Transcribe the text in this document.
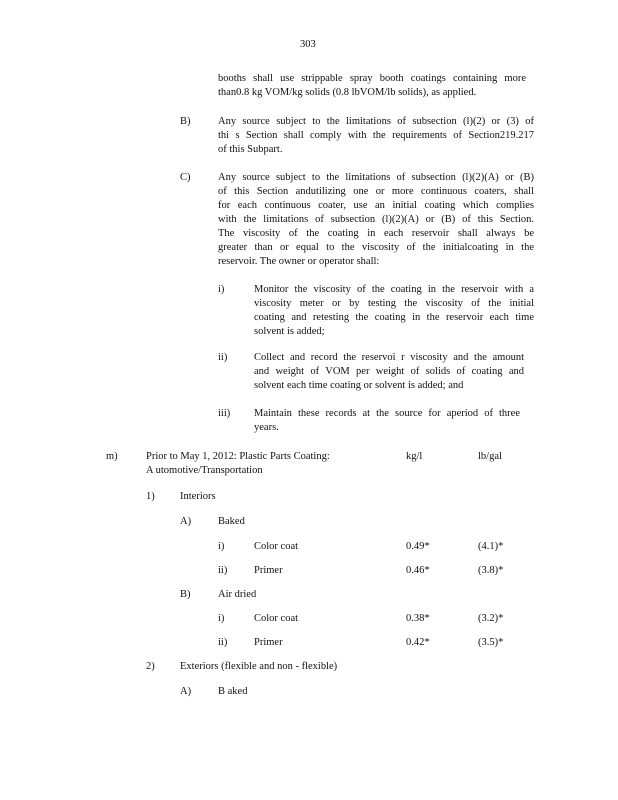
303
booths shall use strippable spray booth coatings containing more
than0.8 kg VOM/kg solids (0.8 lbVOM/lb solids), as applied.
B)	Any source subject to the limitations of subsection (l)(2) or (3) of
thi s Section shall comply with the requirements of Section219.217
of this Subpart.
C)	Any source subject to the limitations of subsection (l)(2)(A) or (B)
of this Section andutilizing one or more continuous coaters, shall
for each continuous coater, use an initial coating which complies
with the limitations of subsection (l)(2)(A) or (B) of this Section.
The viscosity of the coating in each reservoir shall always be
greater than or equal to the viscosity of the initialcoating in the
reservoir. The owner or operator shall:
i)	Monitor the viscosity of the coating in the reservoir with a
viscosity meter or by testing the viscosity of the initial
coating and retesting the coating in the reservoir each time
solvent is added;
ii)	Collect and record the reservoi r viscosity and the amount
and weight of VOM per weight of solids of coating and
solvent each time coating or solvent is added; and
iii) Maintain these records at the source for aperiod of three
years.
m)	Prior to May 1, 2012: Plastic Parts Coating:
A utomotive/Transportation
kg/l	lb/gal
1) Interiors
A)	Baked
i)	Color coat	0.49*	(4.1)*
ii)	Primer	0.46*	(3.8)*
B)	Air dried
i)	Color coat	0.38*	(3.2)*
ii)	Primer	0.42*	(3.5)*
2) Exteriors (flexible and non - flexible)
A)	B aked
